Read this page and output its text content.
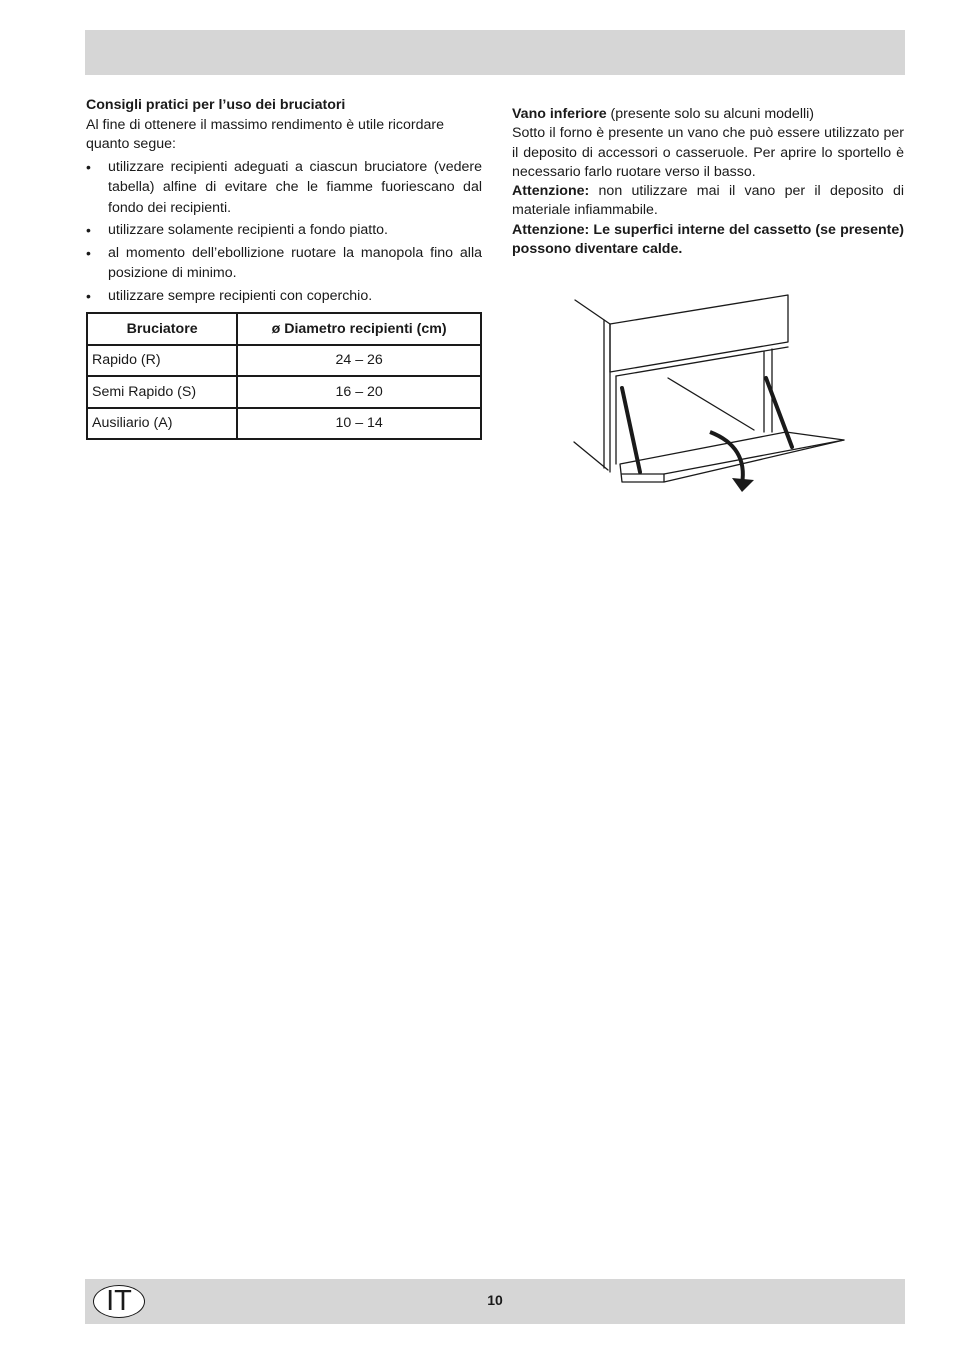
Consigli pratici per l’uso dei bruciatori

Al fine di ottenere il massimo rendimento è utile ricordare quanto segue:

• utilizzare recipienti adeguati a ciascun bruciatore (vedere tabella) alfine di evitare che le fiamme fuoriescano dal fondo dei recipienti.
• utilizzare solamente recipienti a fondo piatto.
• al momento dell’ebollizione ruotare la manopola fino alla posizione di minimo.
• utilizzare sempre recipienti con coperchio.
Bruciatore	ø Diametro recipienti (cm)
Rapido (R)	24 – 26
Semi Rapido (S)	16 – 20
Ausiliario (A)	10 – 14

Vano inferiore (presente solo su alcuni modelli)

Sotto il forno è presente un vano che può essere utilizzato per il deposito di accessori o casseruole. Per aprire lo sportello è necessario farlo ruotare verso il basso.

Attenzione: non utilizzare mai il vano per il deposito di materiale infiammabile.

Attenzione: Le superfici interne del cassetto (se presente) possono diventare calde.

IT	10
